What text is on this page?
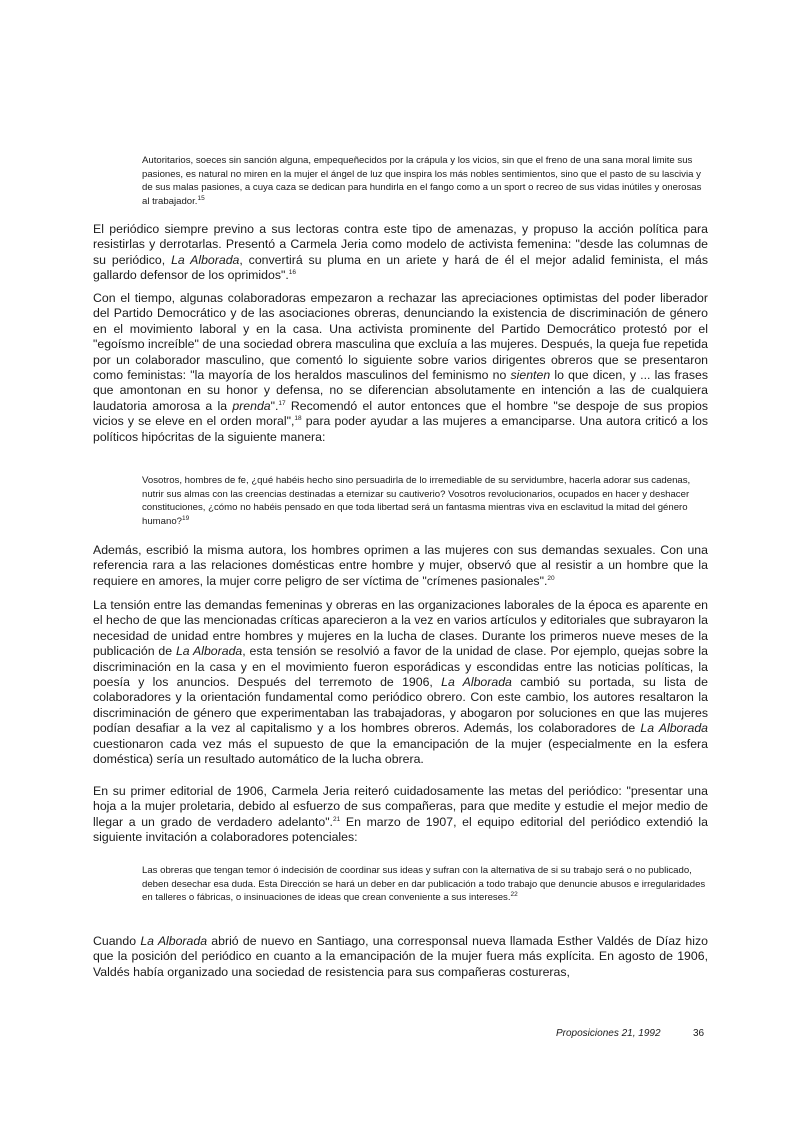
Autoritarios, soeces sin sanción alguna, empequeñecidos por la crápula y los vicios, sin que el freno de una sana moral limite sus pasiones, es natural no miren en la mujer el ángel de luz que inspira los más nobles sentimientos, sino que el pasto de su lascivia y de sus malas pasiones, a cuya caza se dedican para hundirla en el fango como a un sport o recreo de sus vidas inútiles y onerosas al trabajador.$^{15}$

El periódico siempre previno a sus lectoras contra este tipo de amenazas, y propuso la acción política para resistirlas y derrotarlas. Presentó a Carmela Jeria como modelo de activista femenina: "desde las columnas de su periódico, La Alborada, convertirá su pluma en un ariete y hará de él el mejor adalid feminista, el más gallardo defensor de los oprimidos".$^{16}$

Con el tiempo, algunas colaboradoras empezaron a rechazar las apreciaciones optimistas del poder liberador del Partido Democrático y de las asociaciones obreras, denunciando la existencia de discriminación de género en el movimiento laboral y en la casa. Una activista prominente del Partido Democrático protestó por el "egoísmo increíble" de una sociedad obrera masculina que excluía a las mujeres. Después, la queja fue repetida por un colaborador masculino, que comentó lo siguiente sobre varios dirigentes obreros que se presentaron como feministas: "la mayoría de los heraldos masculinos del feminismo no sienten lo que dicen, y ... las frases que amontonan en su honor y defensa, no se diferencian absolutamente en intención a las de cualquiera laudatoria amorosa a la prenda".$^{17}$ Recomendó el autor entonces que el hombre "se despoje de sus propios vicios y se eleve en el orden moral",$^{18}$ para poder ayudar a las mujeres a emanciparse. Una autora criticó a los políticos hipócritas de la siguiente manera:

Vosotros, hombres de fe, ¿qué habéis hecho sino persuadirla de lo irremediable de su servidumbre, hacerla adorar sus cadenas, nutrir sus almas con las creencias destinadas a eternizar su cautiverio? Vosotros revolucionarios, ocupados en hacer y deshacer constituciones, ¿cómo no habéis pensado en que toda libertad será un fantasma mientras viva en esclavitud la mitad del género humano?$^{19}$

Además, escribió la misma autora, los hombres oprimen a las mujeres con sus demandas sexuales. Con una referencia rara a las relaciones domésticas entre hombre y mujer, observó que al resistir a un hombre que la requiere en amores, la mujer corre peligro de ser víctima de "crímenes pasionales".$^{20}$

La tensión entre las demandas femeninas y obreras en las organizaciones laborales de la época es aparente en el hecho de que las mencionadas críticas aparecieron a la vez en varios artículos y editoriales que subrayaron la necesidad de unidad entre hombres y mujeres en la lucha de clases. Durante los primeros nueve meses de la publicación de La Alborada, esta tensión se resolvió a favor de la unidad de clase. Por ejemplo, quejas sobre la discriminación en la casa y en el movimiento fueron esporádicas y escondidas entre las noticias políticas, la poesía y los anuncios. Después del terremoto de 1906, La Alborada cambió su portada, su lista de colaboradores y la orientación fundamental como periódico obrero. Con este cambio, los autores resaltaron la discriminación de género que experimentaban las trabajadoras, y abogaron por soluciones en que las mujeres podían desafiar a la vez al capitalismo y a los hombres obreros. Además, los colaboradores de La Alborada cuestionaron cada vez más el supuesto de que la emancipación de la mujer (especialmente en la esfera doméstica) sería un resultado automático de la lucha obrera.

En su primer editorial de 1906, Carmela Jeria reiteró cuidadosamente las metas del periódico: "presentar una hoja a la mujer proletaria, debido al esfuerzo de sus compañeras, para que medite y estudie el mejor medio de llegar a un grado de verdadero adelanto".$^{21}$ En marzo de 1907, el equipo editorial del periódico extendió la siguiente invitación a colaboradores potenciales:

Las obreras que tengan temor ó indecisión de coordinar sus ideas y sufran con la alternativa de si su trabajo será o no publicado, deben desechar esa duda. Esta Dirección se hará un deber en dar publicación a todo trabajo que denuncie abusos e irregularidades en talleres o fábricas, o insinuaciones de ideas que crean conveniente a sus intereses.$^{22}$

Cuando La Alborada abrió de nuevo en Santiago, una corresponsal nueva llamada Esther Valdés de Díaz hizo que la posición del periódico en cuanto a la emancipación de la mujer fuera más explícita. En agosto de 1906, Valdés había organizado una sociedad de resistencia para sus compañeras costureras,

Proposiciones 21, 1992	36
